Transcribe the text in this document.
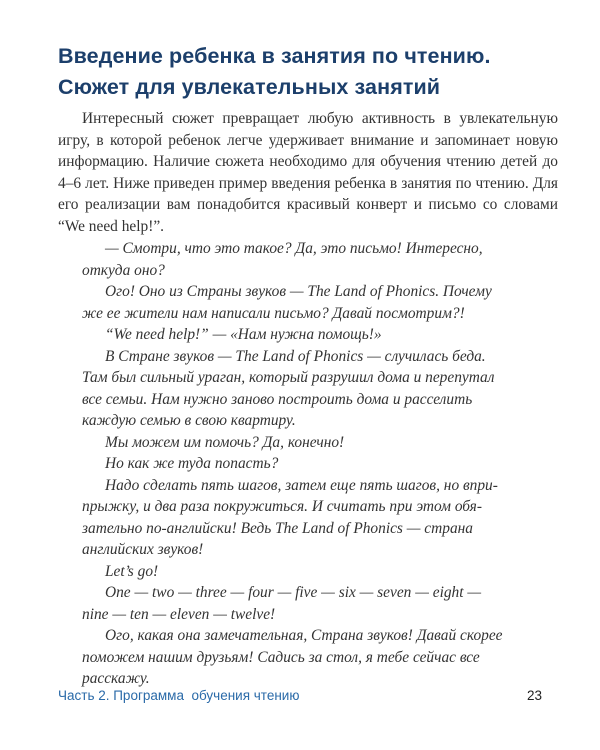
Введение ребенка в занятия по чтению.
Сюжет для увлекательных занятий

Интересный сюжет превращает любую активность в увлекательную игру, в которой ребенок легче удерживает внимание и запоминает новую информацию. Наличие сюжета необходимо для обучения чтению детей до 4–6 лет. Ниже приведен пример введения ребенка в занятия по чтению. Для его реализации вам понадобится красивый конверт и письмо со словами “We need help!”.

— Смотри, что это такое? Да, это письмо! Интересно,
откуда оно?
Ого! Оно из Страны звуков — The Land of Phonics. Почему
же ее жители нам написали письмо? Давай посмотрим?!
“We need help!” — «Нам нужна помощь!»
В Стране звуков — The Land of Phonics — случилась беда.
Там был сильный ураган, который разрушил дома и перепутал
все семьи. Нам нужно заново построить дома и расселить
каждую семью в свою квартиру.
Мы можем им помочь? Да, конечно!
Но как же туда попасть?
Надо сделать пять шагов, затем еще пять шагов, но впри-
прыжку, и два раза покружиться. И считать при этом обя-
зательно по-английски! Ведь The Land of Phonics — страна
английских звуков!
Let’s go!
One — two — three — four — five — six — seven — eight —
nine — ten — eleven — twelve!
Ого, какая она замечательная, Страна звуков! Давай скорее
поможем нашим друзьям! Садись за стол, я тебе сейчас все
расскажу.
Часть 2. Программа  обучения чтению	23
